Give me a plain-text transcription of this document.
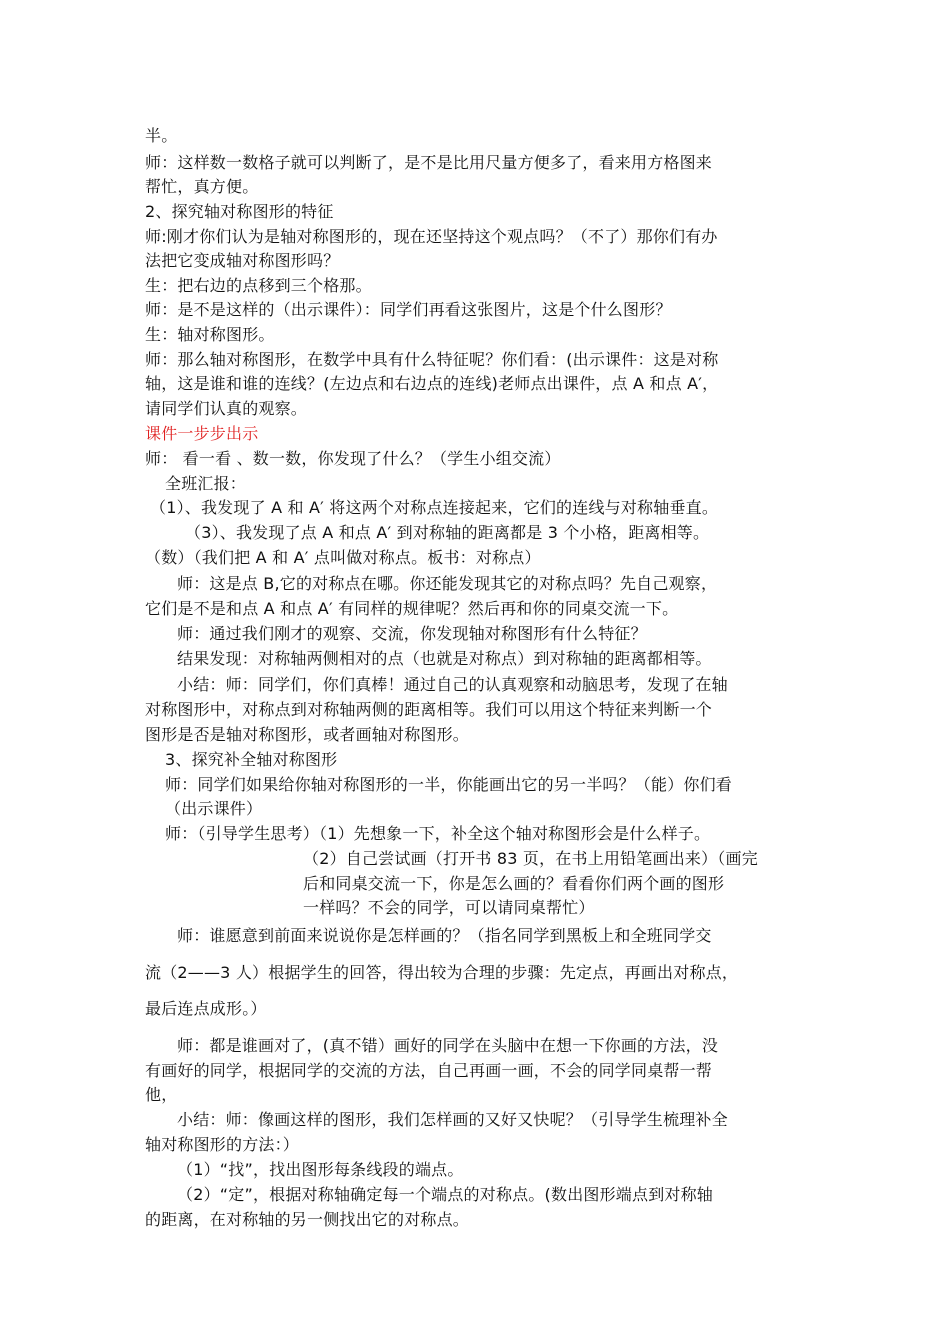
半。
师：这样数一数格子就可以判断了，是不是比用尺量方便多了，看来用方格图来
帮忙，真方便。
2、探究轴对称图形的特征
师:刚才你们认为是轴对称图形的，现在还坚持这个观点吗？（不了）那你们有办
法把它变成轴对称图形吗？
生：把右边的点移到三个格那。
师：是不是这样的（出示课件）：同学们再看这张图片，这是个什么图形？
生：轴对称图形。
师：那么轴对称图形，在数学中具有什么特征呢？你们看：(出示课件：这是对称
轴，这是谁和谁的连线？(左边点和右边点的连线)老师点出课件，点 A 和点 A′，
请同学们认真的观察。
课件一步步出示
师： 看一看 、数一数，你发现了什么？（学生小组交流）
全班汇报：
（1）、我发现了 A 和 A′ 将这两个对称点连接起来，它们的连线与对称轴垂直。
（3）、我发现了点 A 和点 A′ 到对称轴的距离都是 3 个小格，距离相等。
（数）（我们把 A 和 A′ 点叫做对称点。板书：对称点）
师：这是点 B,它的对称点在哪。你还能发现其它的对称点吗？先自己观察，
它们是不是和点 A 和点 A′ 有同样的规律呢？然后再和你的同桌交流一下。
师：通过我们刚才的观察、交流，你发现轴对称图形有什么特征？
结果发现：对称轴两侧相对的点（也就是对称点）到对称轴的距离都相等。
小结：师：同学们，你们真棒！通过自己的认真观察和动脑思考，发现了在轴
对称图形中，对称点到对称轴两侧的距离相等。我们可以用这个特征来判断一个
图形是否是轴对称图形，或者画轴对称图形。
3、探究补全轴对称图形
师：同学们如果给你轴对称图形的一半，你能画出它的另一半吗？（能）你们看
（出示课件）
师：（引导学生思考）（1）先想象一下，补全这个轴对称图形会是什么样子。
（2）自己尝试画（打开书 83 页，在书上用铅笔画出来）（画完
后和同桌交流一下，你是怎么画的？看看你们两个画的图形
一样吗？不会的同学，可以请同桌帮忙）
师：谁愿意到前面来说说你是怎样画的？（指名同学到黑板上和全班同学交
流（2——3 人）根据学生的回答，得出较为合理的步骤：先定点，再画出对称点，
最后连点成形。）
师：都是谁画对了，(真不错）画好的同学在头脑中在想一下你画的方法，没
有画好的同学，根据同学的交流的方法，自己再画一画，不会的同学同桌帮一帮
他，
小结：师：像画这样的图形，我们怎样画的又好又快呢？（引导学生梳理补全
轴对称图形的方法：）
（1）“找”，找出图形每条线段的端点。
（2）“定”，根据对称轴确定每一个端点的对称点。(数出图形端点到对称轴
的距离，在对称轴的另一侧找出它的对称点。
